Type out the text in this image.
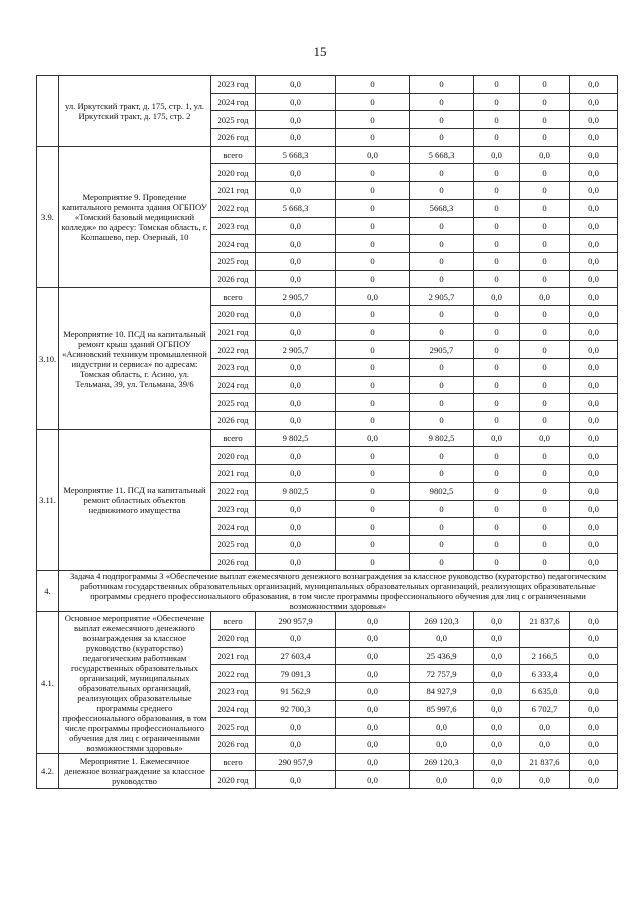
15

	ул. Иркутский тракт, д. 175, стр. 1, ул. Иркутский тракт, д. 175, стр. 2	2023 год	0,0	0	0	0	0	0,0
		2024 год	0,0	0	0	0	0	0,0
		2025 год	0,0	0	0	0	0	0,0
		2026 год	0,0	0	0	0	0	0,0
3.9.	Мероприятие 9. Проведение капитального ремонта здания ОГБПОУ «Томский базовый медицинский колледж» по адресу: Томская область, г. Колпашево, пер. Озерный, 10	всего	5 668,3	0,0	5 668,3	0,0	0,0	0,0
		2020 год	0,0	0	0	0	0	0,0
		2021 год	0,0	0	0	0	0	0,0
		2022 год	5 668,3	0	5668,3	0	0	0,0
		2023 год	0,0	0	0	0	0	0,0
		2024 год	0,0	0	0	0	0	0,0
		2025 год	0,0	0	0	0	0	0,0
		2026 год	0,0	0	0	0	0	0,0
3.10.	Мероприятие 10. ПСД на капитальный ремонт крыш зданий ОГБПОУ «Асиновский техникум промышленной индустрии и сервиса» по адресам: Томская область, г. Асино, ул. Тельмана, 39, ул. Тельмана, 39/6	всего	2 905,7	0,0	2 905,7	0,0	0,0	0,0
		2020 год	0,0	0	0	0	0	0,0
		2021 год	0,0	0	0	0	0	0,0
		2022 год	2 905,7	0	2905,7	0	0	0,0
		2023 год	0,0	0	0	0	0	0,0
		2024 год	0,0	0	0	0	0	0,0
		2025 год	0,0	0	0	0	0	0,0
		2026 год	0,0	0	0	0	0	0,0
3.11.	Мероприятие 11. ПСД на капитальный ремонт областных объектов недвижимого имущества	всего	9 802,5	0,0	9 802,5	0,0	0,0	0,0
		2020 год	0,0	0	0	0	0	0,0
		2021 год	0,0	0	0	0	0	0,0
		2022 год	9 802,5	0	9802,5	0	0	0,0
		2023 год	0,0	0	0	0	0	0,0
		2024 год	0,0	0	0	0	0	0,0
		2025 год	0,0	0	0	0	0	0,0
		2026 год	0,0	0	0	0	0	0,0
4.	Задача 4 подпрограммы 3 «Обеспечение выплат ежемесячного денежного вознаграждения за классное руководство (кураторство) педагогическим работникам государственных образовательных организаций, муниципальных образовательных организаций, реализующих образовательные программы среднего профессионального образования, в том числе программы профессионального обучения для лиц с ограниченными возможностями здоровья»							
4.1.	Основное мероприятие «Обеспечение выплат ежемесячного денежного вознаграждения за классное руководство (кураторство) педагогическим работникам государственных образовательных организаций, муниципальных образовательных организаций, реализующих образовательные программы среднего профессионального образования, в том числе программы профессионального обучения для лиц с ограниченными возможностями здоровья»	всего	290 957,9	0,0	269 120,3	0,0	21 837,6	0,0
		2020 год	0,0	0,0	0,0	0,0		0,0
		2021 год	27 603,4	0,0	25 436,9	0,0	2 166,5	0,0
		2022 год	79 091,3	0,0	72 757,9	0,0	6 333,4	0,0
		2023 год	91 562,9	0,0	84 927,9	0,0	6 635,0	0,0
		2024 год	92 700,3	0,0	85 997,6	0,0	6 702,7	0,0
		2025 год	0,0	0,0	0,0	0,0	0,0	0,0
		2026 год	0,0	0,0	0,0	0,0	0,0	0,0
4.2.	Мероприятие 1. Ежемесячное денежное вознаграждение за классное руководство	всего	290 957,9	0,0	269 120,3	0,0	21 837,6	0,0
		2020 год	0,0	0,0	0,0	0,0	0,0	0,0
